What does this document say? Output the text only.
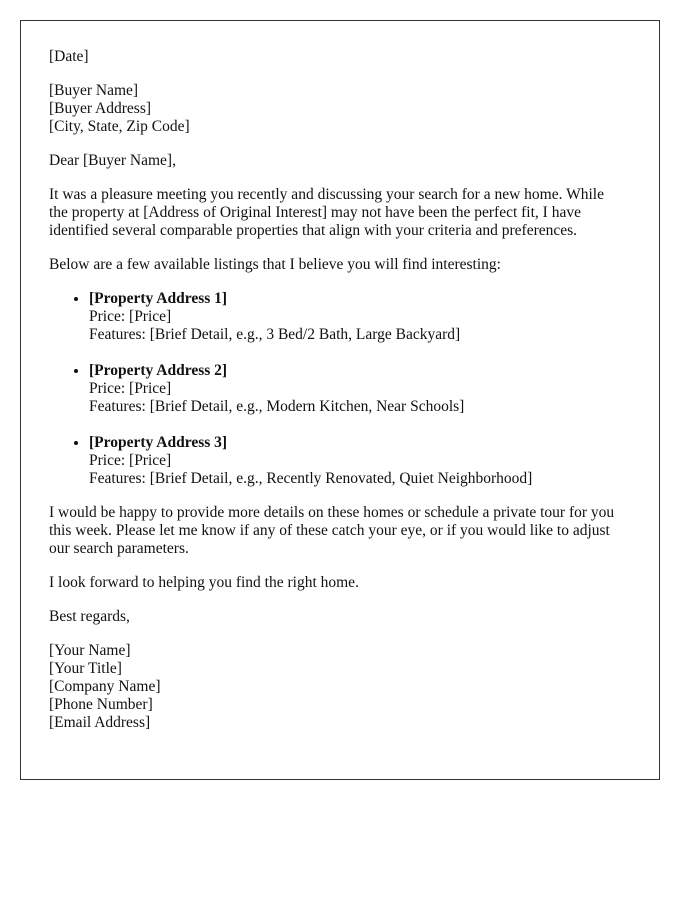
[Date]
[Buyer Name]
[Buyer Address]
[City, State, Zip Code]

Dear [Buyer Name],

It was a pleasure meeting you recently and discussing your search for a new home. While
the property at [Address of Original Interest] may not have been the perfect fit, I have
identified several comparable properties that align with your criteria and preferences.

Below are a few available listings that I believe you will find interesting:

• [Property Address 1]
Price: [Price]
Features: [Brief Detail, e.g., 3 Bed/2 Bath, Large Backyard]
• [Property Address 2]
Price: [Price]
Features: [Brief Detail, e.g., Modern Kitchen, Near Schools]
• [Property Address 3]
Price: [Price]
Features: [Brief Detail, e.g., Recently Renovated, Quiet Neighborhood]

I would be happy to provide more details on these homes or schedule a private tour for you
this week. Please let me know if any of these catch your eye, or if you would like to adjust
our search parameters.

I look forward to helping you find the right home.

Best regards,

[Your Name]
[Your Title]
[Company Name]
[Phone Number]
[Email Address]
